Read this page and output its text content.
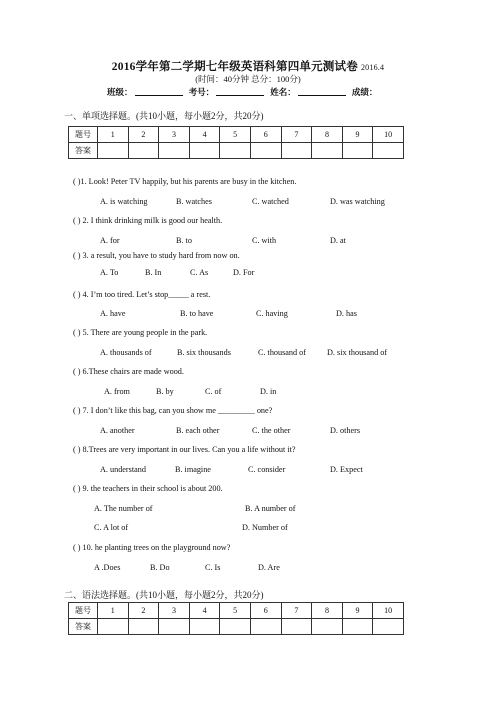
2016学年第二学期七年级英语科第四单元测试卷 2016.4
(时间：40分钟 总分：100分)
班级：	考号：	姓名：	成绩：
一、单项选择题。(共10小题，每小题2分，共20分)
题号	1	2	3	4	5	6	7	8	9	10
答案										
( )1. Look! Peter TV happily, but his parents are busy in the kitchen.
A. is watching	B. watches	C. watched	D. was watching
( ) 2. I think drinking milk is good our health.
A. for	B. to	C. with	D. at
( ) 3. a result, you have to study hard from now on.
A. To	B. In	C. As	D. For
( ) 4. I’m too tired. Let’s stop_____ a rest.
A. have	B. to have	C. having	D. has
( ) 5. There are young people in the park.
A. thousands of	B. six thousands	C. thousand of	D. six thousand of
( ) 6.These chairs are made wood.
A. from	B. by	C. of	D. in
( ) 7. I don’t like this bag, can you show me _________ one?
A. another	B. each other	C. the other	D. others
( ) 8.Trees are very important in our lives. Can you a life without it?
A. understand	B. imagine	C. consider	D. Expect
( ) 9. the teachers in their school is about 200.
A. The number of	B. A number of
C. A lot of	D. Number of
( ) 10. he planting trees on the playground now?
A .Does	B. Do	C. Is	D. Are
二、语法选择题。(共10小题，每小题2分，共20分)
题号	1	2	3	4	5	6	7	8	9	10
答案										
